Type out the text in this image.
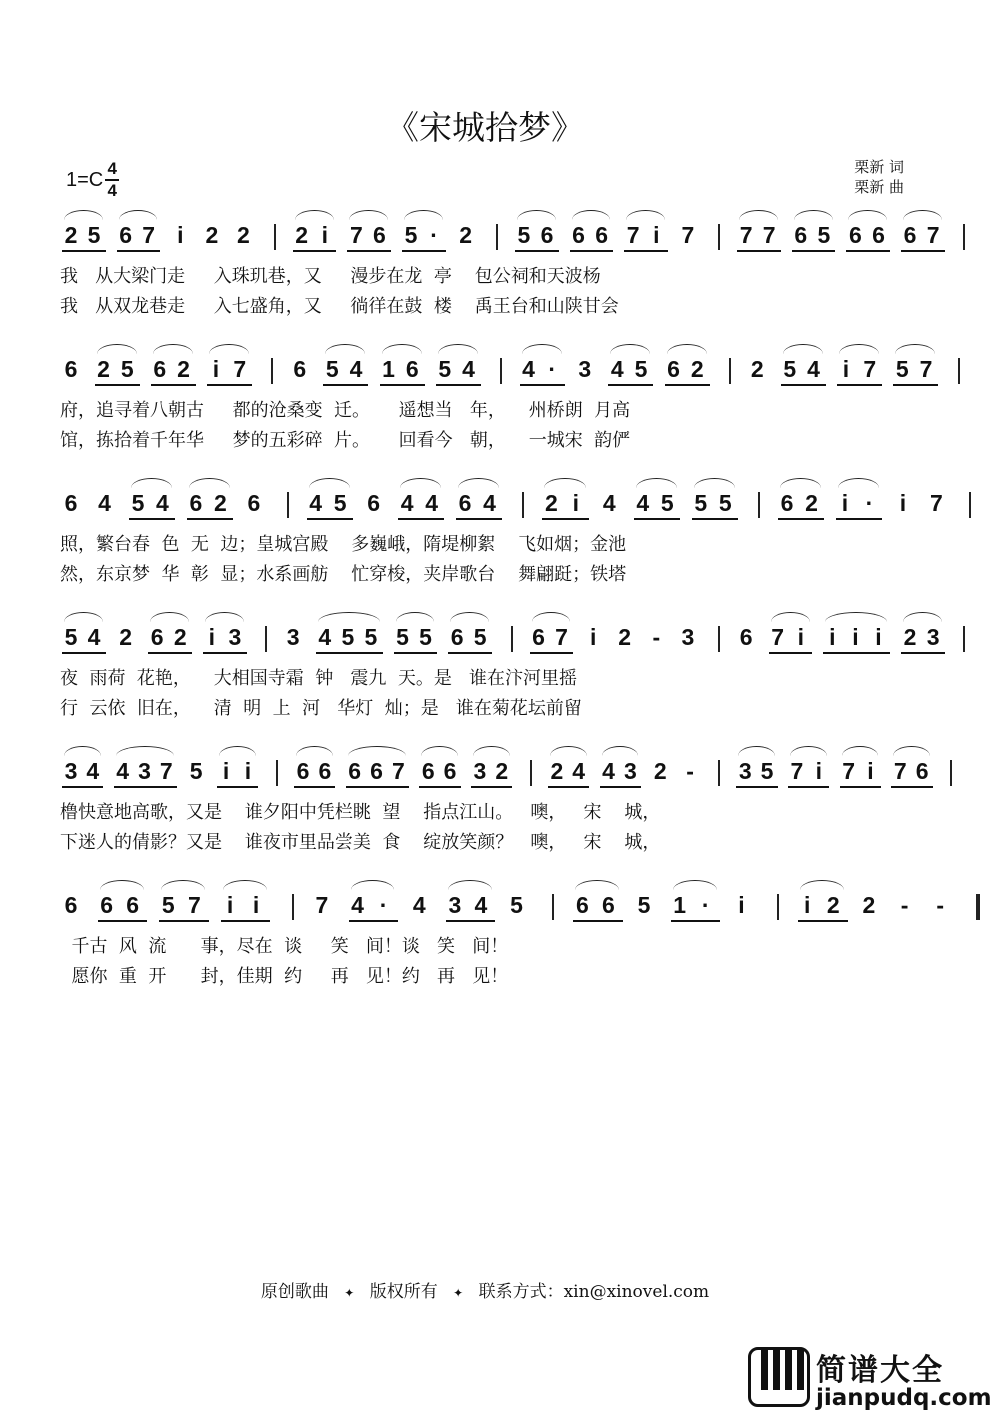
《宋城拾梦》
$1=C \frac{4}{4}$	栗新 词
栗新 曲
2 5 6 7 i 2 2 2 i 7 6 5 · 2 5 6 6 6 7 i 7 7 7 6 5 6 6 6 7
我   从大梁门走     入珠玑巷，又     漫步在龙  亭    包公祠和天波杨
我   从双龙巷走     入七盛角，又     徜徉在鼓  楼    禹王台和山陕甘会
6 2 5 6 2 i 7 6 5 4 1 6 5 4 4 · 3 4 5 6 2 2 5 4 i 7 5 7
府，追寻着八朝古     都的沧桑变  迁。     遥想当   年，    州桥朗  月高
馆，拣拾着千年华     梦的五彩碎  片。     回看今   朝，    一城宋  韵俨
6 4 5 4 6 2 6 4 5 6 4 4 6 4 2 i	4 4 5 5 5 6 2	i ·	i	7
照，繁台春  色  无  边；皇城宫殿    多巍峨，隋堤柳絮    飞如烟；金池
然，东京梦  华  彰  显；水系画舫    忙穿梭，夹岸歌台    舞翩跹；铁塔
5 4 2 6 2 i 3 3 4 5 5 5 5 6 5 6 7 i 2 - 3 6 7 i	i i i 2 3
夜  雨荷  花艳，    大相国寺霜  钟   震九  天。是   谁在汴河里摇
行  云依  旧在，    清  明  上  河   华灯  灿；是   谁在菊花坛前留
3 4 4 3 7 5 i i	6 6 6 6 7 6 6 3 2 2 4 4 3 2 -	3 5 7 i 7 i 7 6
橹快意地高歌，又是    谁夕阳中凭栏眺  望    指点江山。   噢，   宋    城，
下迷人的倩影？又是    谁夜市里品尝美  食    绽放笑颜？   噢，   宋    城，
6 6 6 5 7	i i	7 4 ·	4 3 4 5 6 6 5 1 ·	i	i 2 2	-	-
千古  风  流      事，尽在  谈     笑   间！谈   笑   间！
愿你  重  开      封，佳期  约     再   见！约   再   见！
原创歌曲 ✦ 版权所有 ✦ 联系方式：xin@xinovel.com
简谱大全
jianpudq.com
